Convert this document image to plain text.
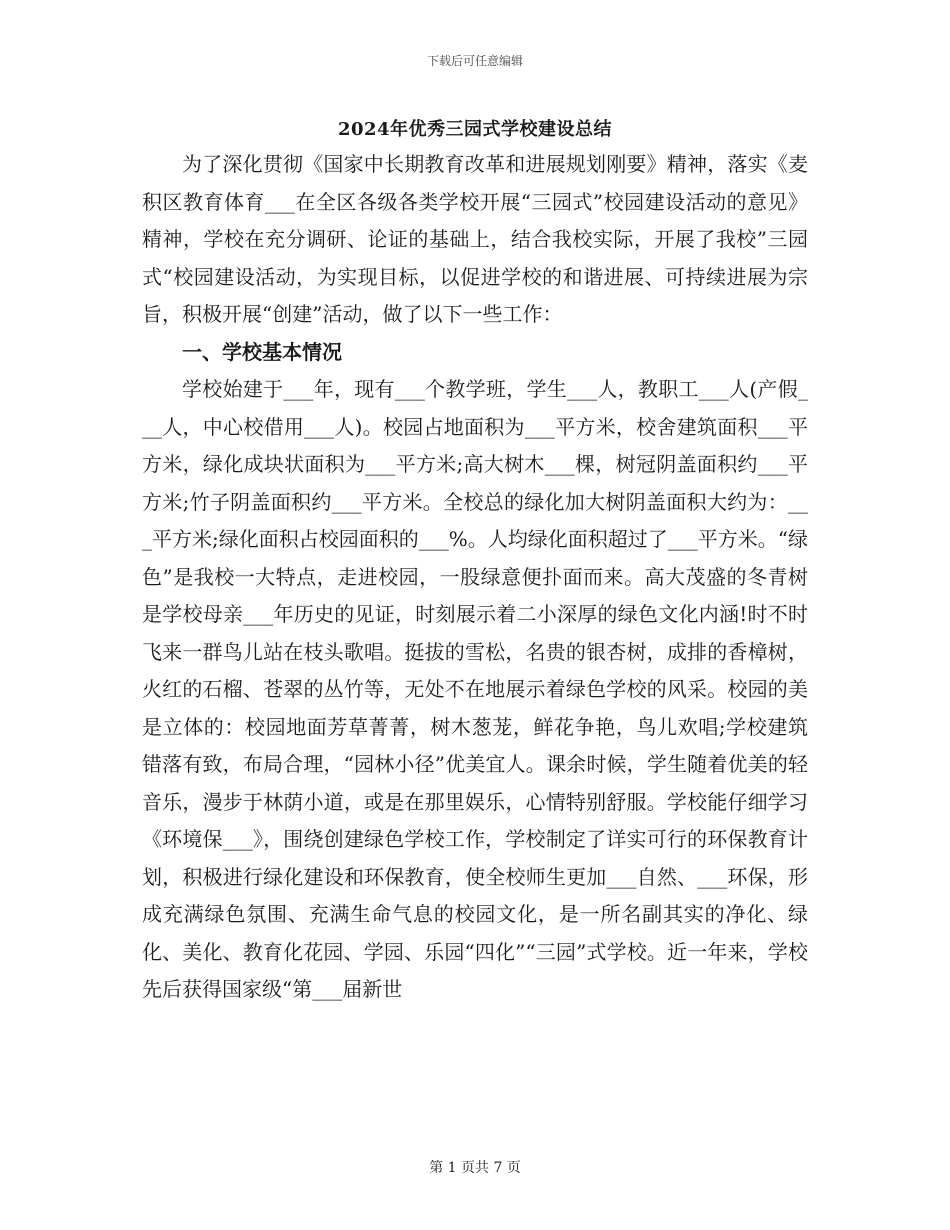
下载后可任意编辑
2024年优秀三园式学校建设总结

为了深化贯彻《国家中长期教育改革和进展规划刚要》精神，落实《麦积区教育体育___在全区各级各类学校开展“三园式”校园建设活动的意见》精神，学校在充分调研、论证的基础上，结合我校实际，开展了我校”三园式“校园建设活动，为实现目标，以促进学校的和谐进展、可持续进展为宗旨，积极开展“创建”活动，做了以下一些工作：

一、学校基本情况

学校始建于___年，现有___个教学班，学生___人，教职工___人(产假___人，中心校借用___人)。校园占地面积为___平方米，校舍建筑面积___平方米，绿化成块状面积为___平方米;高大树木___棵，树冠阴盖面积约___平方米;竹子阴盖面积约___平方米。全校总的绿化加大树阴盖面积大约为：___平方米;绿化面积占校园面积的___%。人均绿化面积超过了___平方米。“绿色”是我校一大特点，走进校园，一股绿意便扑面而来。高大茂盛的冬青树是学校母亲___年历史的见证，时刻展示着二小深厚的绿色文化内涵!时不时飞来一群鸟儿站在枝头歌唱。挺拔的雪松，名贵的银杏树，成排的香樟树，火红的石榴、苍翠的丛竹等，无处不在地展示着绿色学校的风采。校园的美是立体的：校园地面芳草菁菁，树木葱茏，鲜花争艳，鸟儿欢唱;学校建筑错落有致，布局合理，“园林小径”优美宜人。课余时候，学生随着优美的轻音乐，漫步于林荫小道，或是在那里娱乐，心情特别舒服。学校能仔细学习《环境保___》，围绕创建绿色学校工作，学校制定了详实可行的环保教育计划，积极进行绿化建设和环保教育，使全校师生更加___自然、___环保，形成充满绿色氛围、充满生命气息的校园文化，是一所名副其实的净化、绿化、美化、教育化花园、学园、乐园“四化”“三园”式学校。近一年来，学校先后获得国家级“第___届新世

第 1 页共 7 页
